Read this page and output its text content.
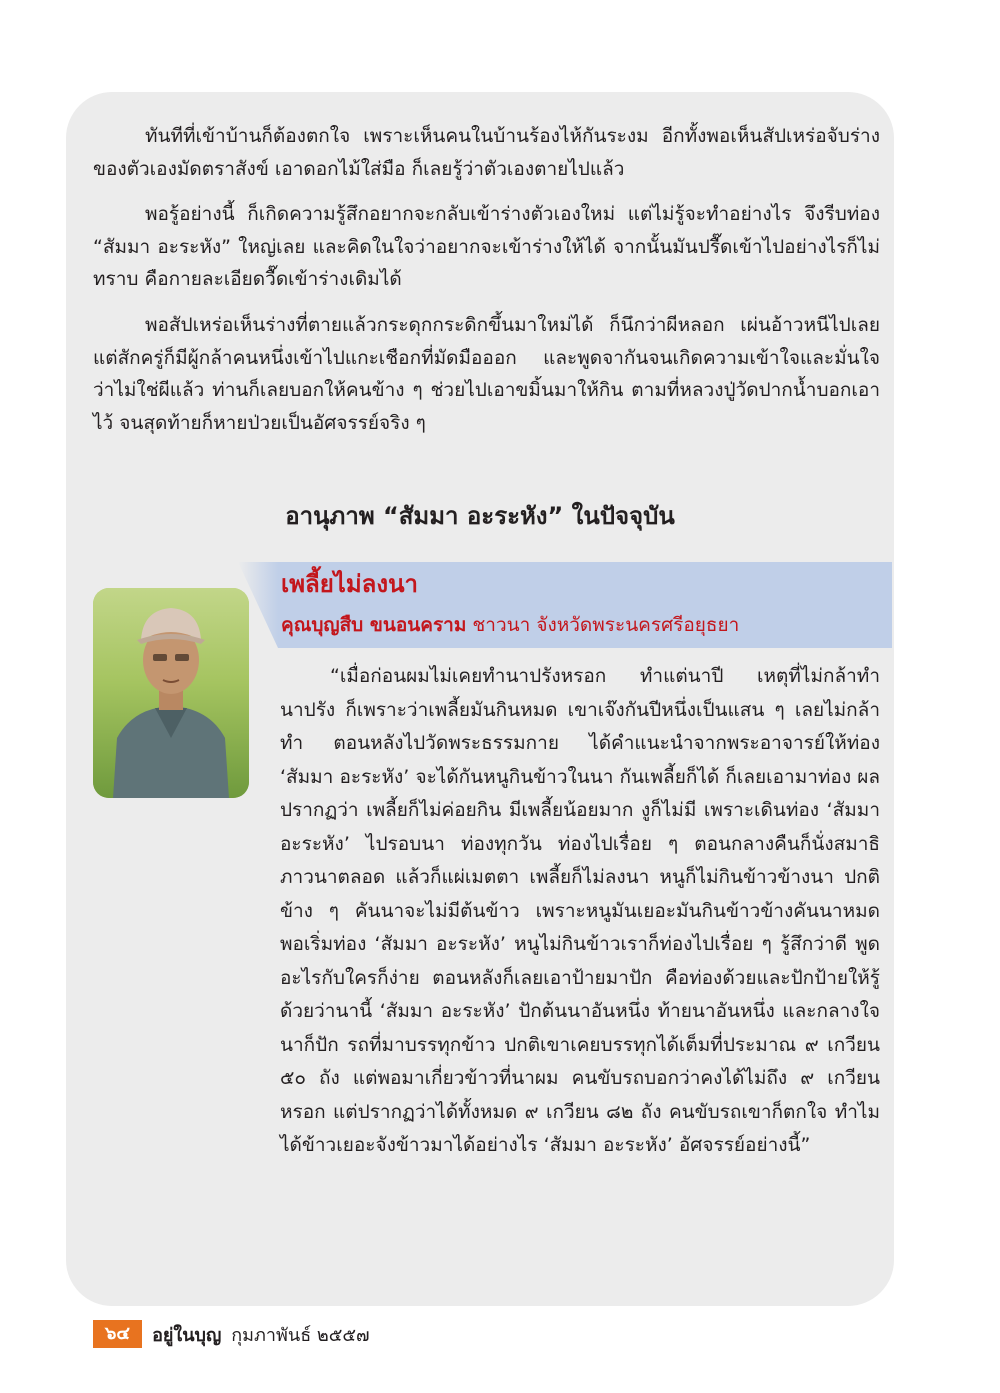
ทันทีที่เข้าบ้านก็ต้องตกใจ เพราะเห็นคนในบ้านร้องไห้กันระงม อีกทั้งพอเห็นสัปเหร่อจับร่างของตัวเองมัดตราสังข์ เอาดอกไม้ใส่มือ ก็เลยรู้ว่าตัวเองตายไปแล้ว

พอรู้อย่างนี้ ก็เกิดความรู้สึกอยากจะกลับเข้าร่างตัวเองใหม่ แต่ไม่รู้จะทำอย่างไร จึงรีบท่อง “สัมมา อะระหัง” ใหญ่เลย และคิดในใจว่าอยากจะเข้าร่างให้ได้ จากนั้นมันปรื๊ดเข้าไปอย่างไรก็ไม่ทราบ คือกายละเอียดวื๊ดเข้าร่างเดิมได้

พอสัปเหร่อเห็นร่างที่ตายแล้วกระดุกกระดิกขึ้นมาใหม่ได้ ก็นึกว่าผีหลอก เผ่นอ้าวหนีไปเลย แต่สักครู่ก็มีผู้กล้าคนหนึ่งเข้าไปแกะเชือกที่มัดมือออก และพูดจากันจนเกิดความเข้าใจและมั่นใจว่าไม่ใช่ผีแล้ว ท่านก็เลยบอกให้คนข้าง ๆ ช่วยไปเอาขมิ้นมาให้กิน ตามที่หลวงปู่วัดปากน้ำบอกเอาไว้ จนสุดท้ายก็หายป่วยเป็นอัศจรรย์จริง ๆ

อานุภาพ “สัมมา อะระหัง” ในปัจจุบัน
เพลี้ยไม่ลงนา

คุณบุญสืบ ขนอนคราม ชาวนา จังหวัดพระนครศรีอยุธยา

“เมื่อก่อนผมไม่เคยทำนาปรังหรอก ทำแต่นาปี เหตุที่ไม่กล้าทำนาปรัง ก็เพราะว่าเพลี้ยมันกินหมด เขาเจ๊งกันปีหนึ่งเป็นแสน ๆ เลยไม่กล้าทำ ตอนหลังไปวัดพระธรรมกาย ได้คำแนะนำจากพระอาจารย์ให้ท่อง ‘สัมมา อะระหัง’ จะได้กันหนูกินข้าวในนา กันเพลี้ยก็ได้ ก็เลยเอามาท่อง ผลปรากฏว่า เพลี้ยก็ไม่ค่อยกิน มีเพลี้ยน้อยมาก งูก็ไม่มี เพราะเดินท่อง ‘สัมมา อะระหัง’ ไปรอบนา ท่องทุกวัน ท่องไปเรื่อย ๆ ตอนกลางคืนก็นั่งสมาธิภาวนาตลอด แล้วก็แผ่เมตตา เพลี้ยก็ไม่ลงนา หนูก็ไม่กินข้าวข้างนา ปกติข้าง ๆ คันนาจะไม่มีต้นข้าว เพราะหนูมันเยอะมันกินข้าวข้างคันนาหมด พอเริ่มท่อง ‘สัมมา อะระหัง’ หนูไม่กินข้าวเราก็ท่องไปเรื่อย ๆ รู้สึกว่าดี พูดอะไรกับใครก็ง่าย ตอนหลังก็เลยเอาป้ายมาปัก คือท่องด้วยและปักป้ายให้รู้ด้วยว่านานี้ ‘สัมมา อะระหัง’ ปักต้นนาอันหนึ่ง ท้ายนาอันหนึ่ง และกลางใจนาก็ปัก รถที่มาบรรทุกข้าว ปกติเขาเคยบรรทุกได้เต็มที่ประมาณ ๙ เกวียน ๕๐ ถัง แต่พอมาเกี่ยวข้าวที่นาผม คนขับรถบอกว่าคงได้ไม่ถึง ๙ เกวียนหรอก แต่ปรากฏว่าได้ทั้งหมด ๙ เกวียน ๘๒ ถัง คนขับรถเขาก็ตกใจ ทำไมได้ข้าวเยอะจังข้าวมาได้อย่างไร ‘สัมมา อะระหัง’ อัศจรรย์อย่างนี้”

๖๔	อยู่ในบุญ กุมภาพันธ์ ๒๕๕๗
